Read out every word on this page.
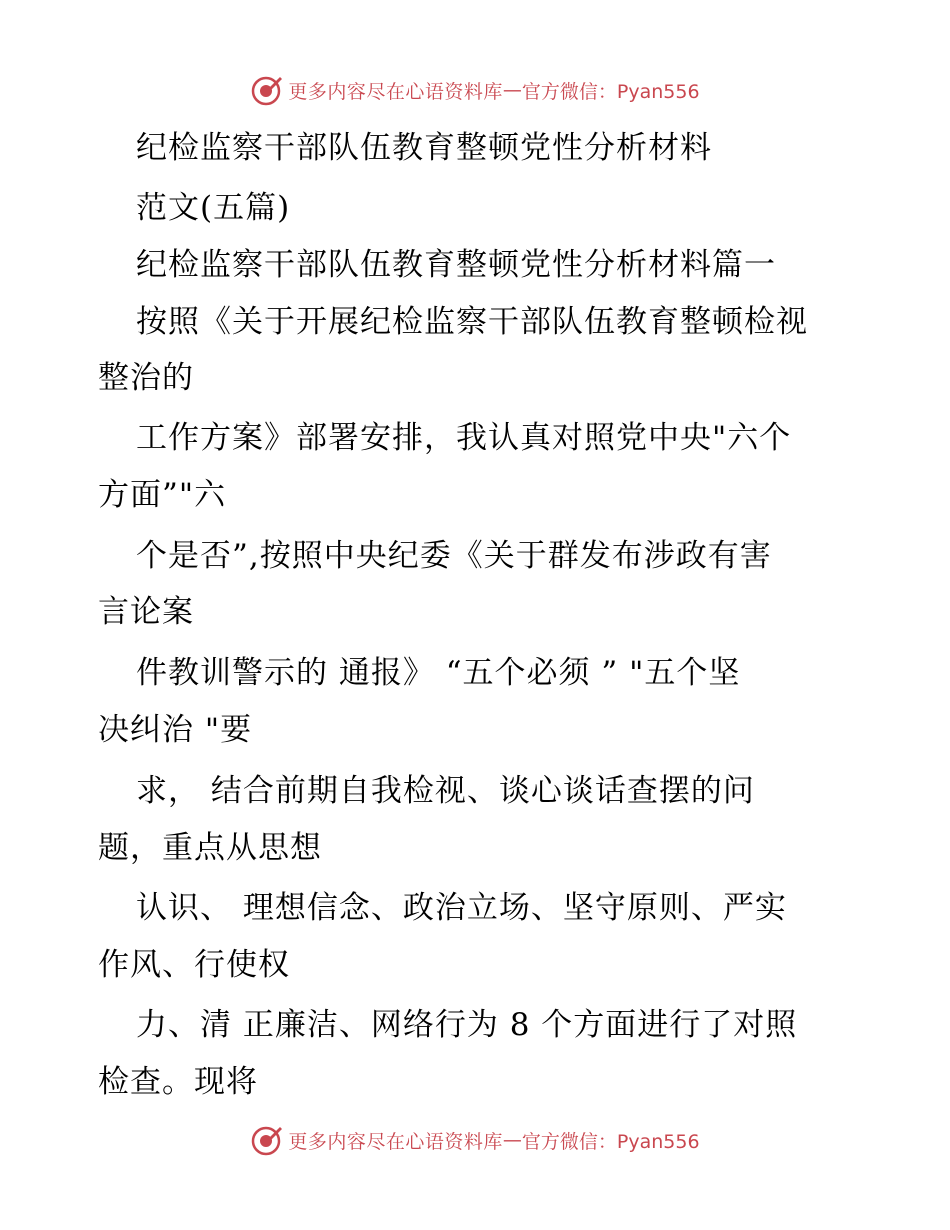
更多内容尽在心语资料库 — 官方微信：Pyan556
纪检监察干部队伍教育整顿党性分析材料
范文(五篇)
纪检监察干部队伍教育整顿党性分析材料篇一
按照《关于开展纪检监察干部队伍教育整顿检视
整治的
工作方案》部署安排，我认真对照党中央"六个
方面”"六
个是否”,按照中央纪委《关于群发布涉政有害
言论案
件教训警示的 通报》 “五个必须 ” "五个坚
决纠治 "要
求， 结合前期自我检视、谈心谈话查摆的问
题，重点从思想
认识、 理想信念、政治立场、坚守原则、严实
作风、行使权
力、清 正廉洁、网络行为 8 个方面进行了对照
检查。现将
更多内容尽在心语资料库 — 官方微信：Pyan556
